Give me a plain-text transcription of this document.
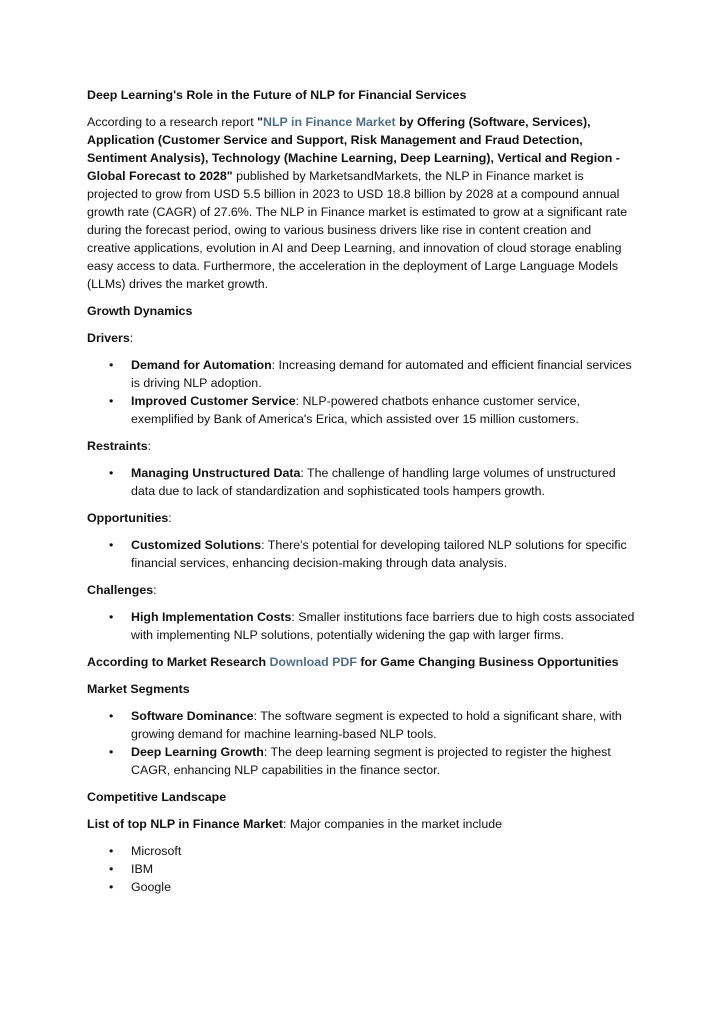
Deep Learning's Role in the Future of NLP for Financial Services

According to a research report "NLP in Finance Market by Offering (Software, Services), Application (Customer Service and Support, Risk Management and Fraud Detection, Sentiment Analysis), Technology (Machine Learning, Deep Learning), Vertical and Region - Global Forecast to 2028" published by MarketsandMarkets, the NLP in Finance market is projected to grow from USD 5.5 billion in 2023 to USD 18.8 billion by 2028 at a compound annual growth rate (CAGR) of 27.6%. The NLP in Finance market is estimated to grow at a significant rate during the forecast period, owing to various business drivers like rise in content creation and creative applications, evolution in AI and Deep Learning, and innovation of cloud storage enabling easy access to data. Furthermore, the acceleration in the deployment of Large Language Models (LLMs) drives the market growth.

Growth Dynamics

Drivers:

• Demand for Automation: Increasing demand for automated and efficient financial services is driving NLP adoption.
• Improved Customer Service: NLP-powered chatbots enhance customer service, exemplified by Bank of America's Erica, which assisted over 15 million customers.

Restraints:

• Managing Unstructured Data: The challenge of handling large volumes of unstructured data due to lack of standardization and sophisticated tools hampers growth.

Opportunities:

• Customized Solutions: There's potential for developing tailored NLP solutions for specific financial services, enhancing decision-making through data analysis.

Challenges:

• High Implementation Costs: Smaller institutions face barriers due to high costs associated with implementing NLP solutions, potentially widening the gap with larger firms.

According to Market Research Download PDF for Game Changing Business Opportunities

Market Segments

• Software Dominance: The software segment is expected to hold a significant share, with growing demand for machine learning-based NLP tools.
• Deep Learning Growth: The deep learning segment is projected to register the highest CAGR, enhancing NLP capabilities in the finance sector.

Competitive Landscape

List of top NLP in Finance Market: Major companies in the market include

• Microsoft
• IBM
• Google
